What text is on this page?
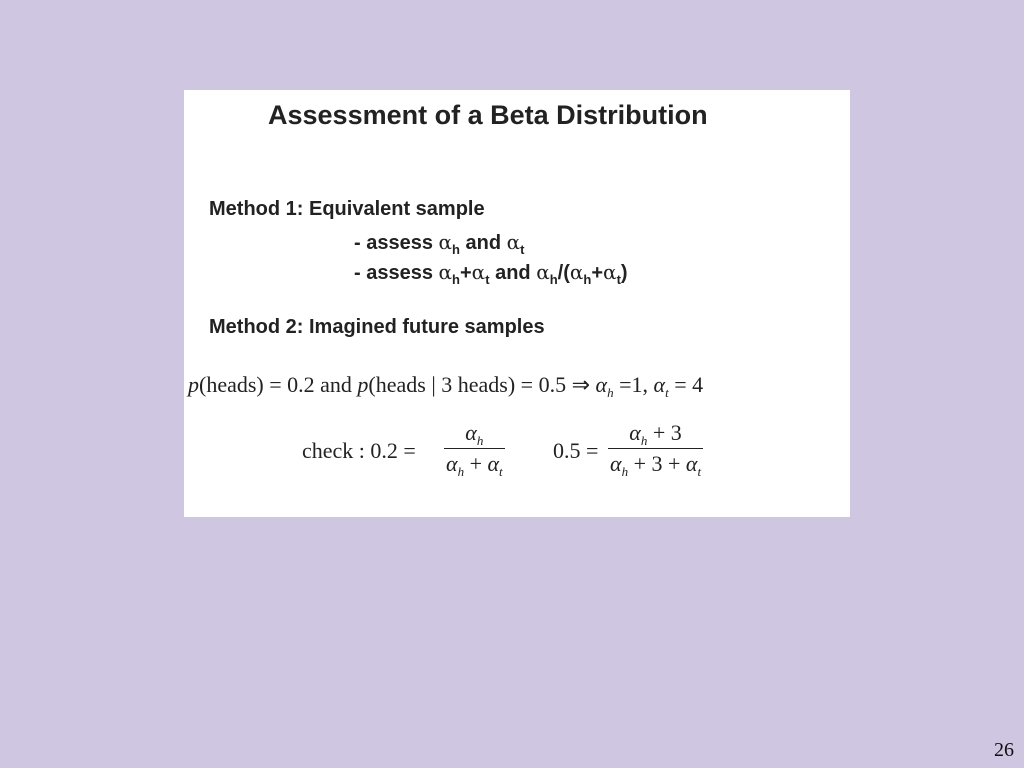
Assessment of a Beta Distribution
Method 1: Equivalent sample
- assess $\alpha_h$ and $\alpha_t$
- assess $\alpha_h+\alpha_t$ and $\alpha_h/(\alpha_h+\alpha_t)$
Method 2: Imagined future samples
p(heads) = 0.2 and p(heads | 3 heads) = 0.5 ⇒ $\alpha_h =1$, $\alpha_t = 4$
check : 0.2 =
$\alpha_h$
$\alpha_h + \alpha_t$
0.5 =
$\alpha_h + 3$
$\alpha_h + 3 + \alpha_t$
26
